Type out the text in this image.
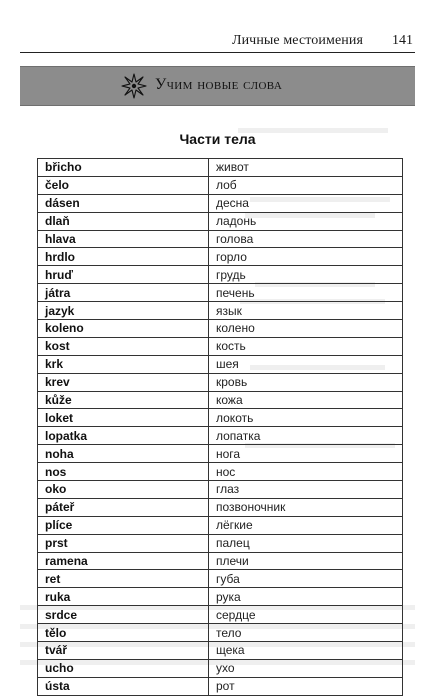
Личные местоимения 141
Учим новые слова
Части тела
břicho	живот
čelo	лоб
dásen	десна
dlaň	ладонь
hlava	голова
hrdlo	горло
hruď	грудь
játra	печень
jazyk	язык
koleno	колено
kost	кость
krk	шея
krev	кровь
kůže	кожа
loket	локоть
lopatka	лопатка
noha	нога
nos	нос
oko	глаз
páteř	позвоночник
plíce	лёгкие
prst	палец
ramena	плечи
ret	губа
ruka	рука
srdce	сердце
tělo	тело
tvář	щека
ucho	ухо
ústa	рот
